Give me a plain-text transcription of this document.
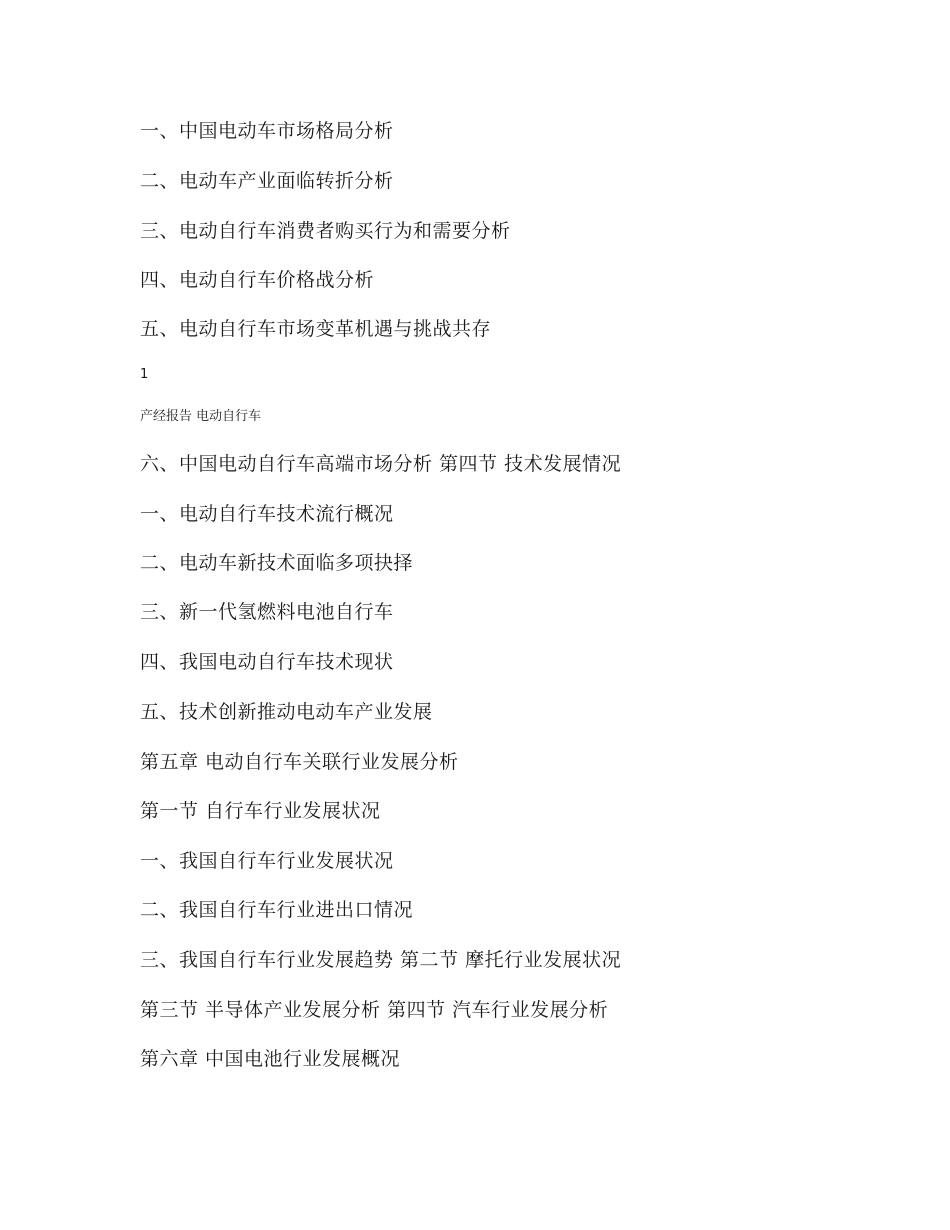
一、中国电动车市场格局分析
二、电动车产业面临转折分析
三、电动自行车消费者购买行为和需要分析
四、电动自行车价格战分析
五、电动自行车市场变革机遇与挑战共存
1
产经报告 电动自行车
六、中国电动自行车高端市场分析 第四节 技术发展情况
一、电动自行车技术流行概况
二、电动车新技术面临多项抉择
三、新一代氢燃料电池自行车
四、我国电动自行车技术现状
五、技术创新推动电动车产业发展
第五章 电动自行车关联行业发展分析
第一节 自行车行业发展状况
一、我国自行车行业发展状况
二、我国自行车行业进出口情况
三、我国自行车行业发展趋势 第二节 摩托行业发展状况
第三节 半导体产业发展分析 第四节 汽车行业发展分析
第六章 中国电池行业发展概况
